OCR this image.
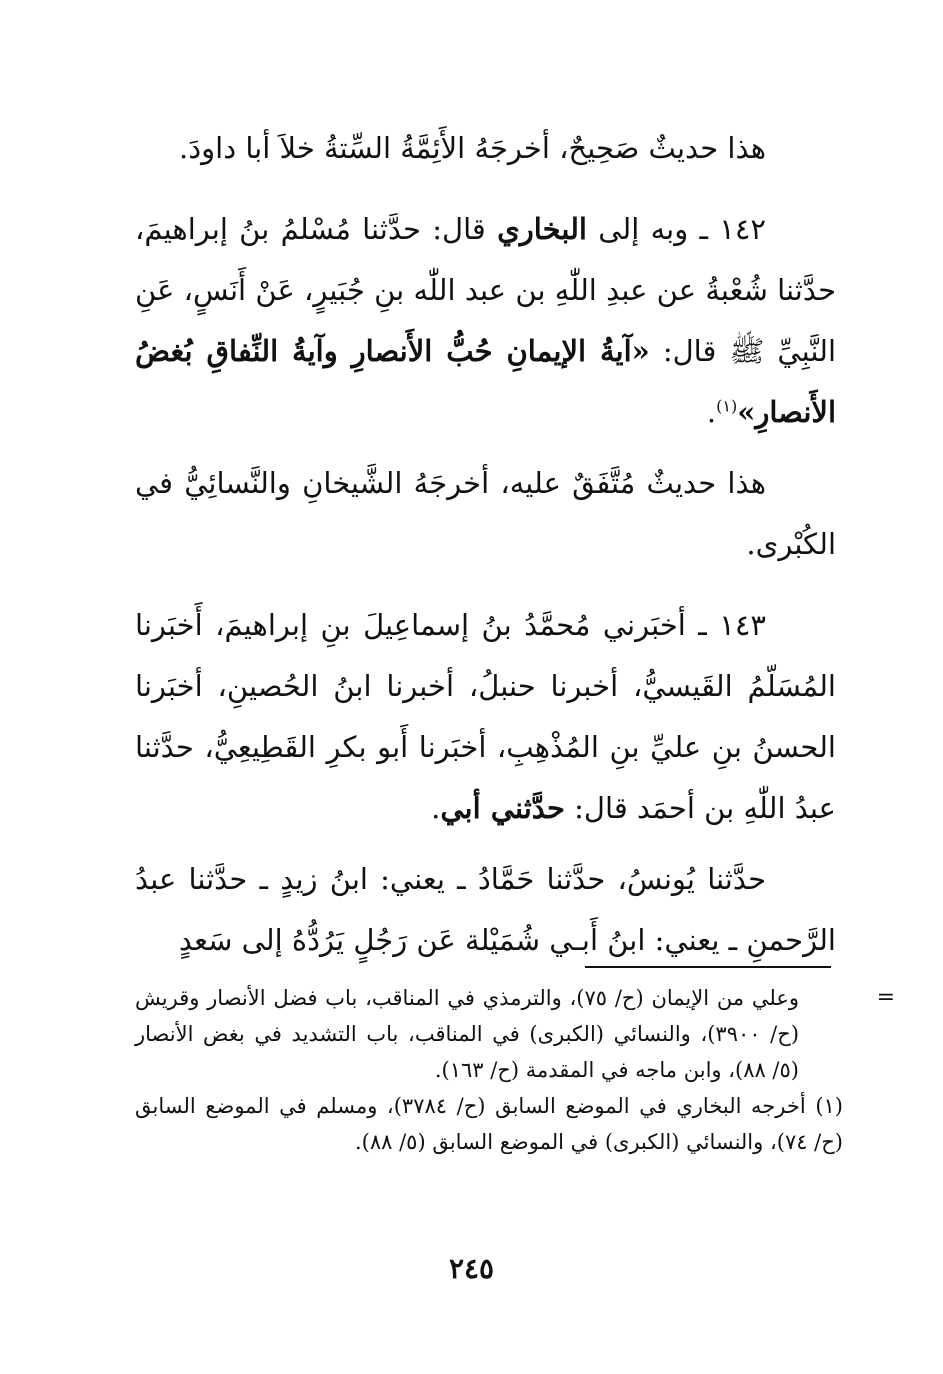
هذا حديثٌ صَحِيحٌ، أخرجَهُ الأَئِمَّةُ السِّتةُ خلاَ أبا داودَ.

١٤٢ ـ وبه إلى البخاري قال: حدَّثنا مُسْلمُ بنُ إبراهيمَ، حدَّثنا شُعْبةُ عن عبدِ اللّٰهِ بن عبد اللّٰه بنِ جُبَيرٍ، عَنْ أَنَسٍ، عَنِ النَّبِيِّ ﷺ قال: «آيةُ الإيمانِ حُبُّ الأَنصارِ وآيةُ النِّفاقِ بُغضُ الأَنصارِ»$^{(١)}$.

هذا حديثٌ مُتَّفَقٌ عليه، أخرجَهُ الشَّيخانِ والنَّسائِيُّ في الكُبْرى.

١٤٣ ـ أخبَرني مُحمَّدُ بنُ إسماعِيلَ بنِ إبراهيمَ، أَخبَرنا المُسَلّمُ القَيسيُّ، أخبرنا حنبلُ، أخبرنا ابنُ الحُصينِ، أخبَرنا الحسنُ بنِ عليِّ بنِ المُذْهِبِ، أخبَرنا أَبو بكرِ القَطِيعِيُّ، حدَّثنا عبدُ اللّٰهِ بن أحمَد قال: حدَّثني أبي.

حدَّثنا يُونسُ، حدَّثنا حَمَّادُ ـ يعني: ابنُ زيدٍ ـ حدَّثنا عبدُ الرَّحمنِ ـ يعني: ابنُ أَبـي شُمَيْلة عَن رَجُلٍ يَرُدُّهُ إلى سَعدٍ

=
وعلي من الإيمان (ح/ ٧٥)، والترمذي في المناقب، باب فضل الأنصار وقريش (ح/ ٣٩٠٠)، والنسائي (الكبرى) في المناقب، باب التشديد في بغض الأنصار (٥/ ٨٨)، وابن ماجه في المقدمة (ح/ ١٦٣).

(١) أخرجه البخاري في الموضع السابق (ح/ ٣٧٨٤)، ومسلم في الموضع السابق (ح/ ٧٤)، والنسائي (الكبرى) في الموضع السابق (٥/ ٨٨).

٢٤٥
